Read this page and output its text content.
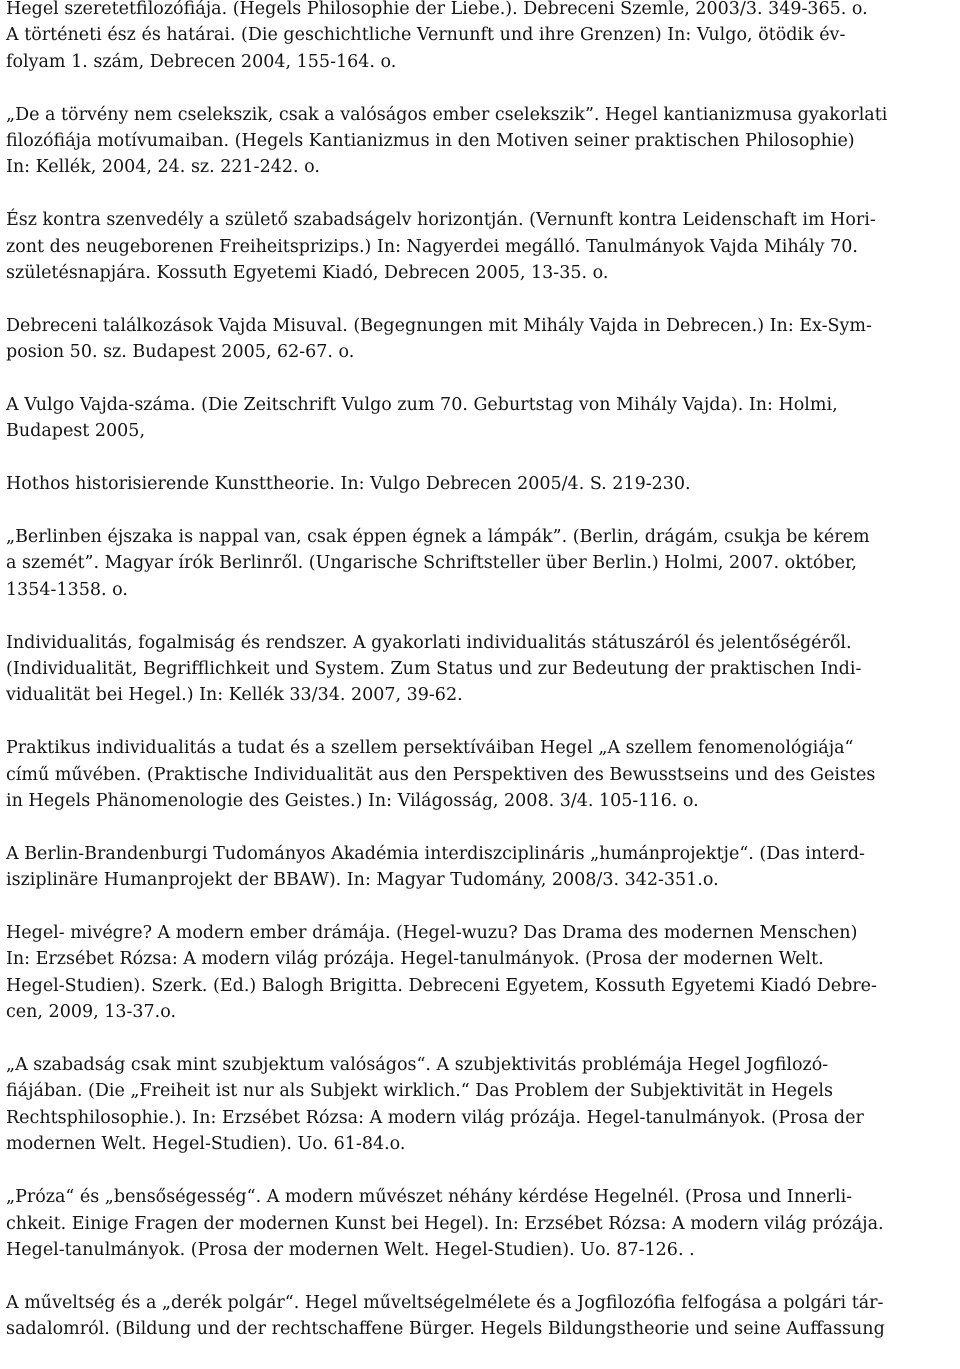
Hegel szeretetfilozófiája. (Hegels Philosophie der Liebe.). Debreceni Szemle, 2003/3. 349-365. o.
A történeti ész és határai. (Die geschichtliche Vernunft und ihre Grenzen) In: Vulgo, ötödik év-
folyam 1. szám, Debrecen 2004, 155-164. o.
„De a törvény nem cselekszik, csak a valóságos ember cselekszik”. Hegel kantianizmusa gyakorlati
filozófiája motívumaiban. (Hegels Kantianizmus in den Motiven seiner praktischen Philosophie)
In: Kellék, 2004, 24. sz. 221-242. o.
Ész kontra szenvedély a születő szabadságelv horizontján. (Vernunft kontra Leidenschaft im Hori-
zont des neugeborenen Freiheitsprizips.) In: Nagyerdei megálló. Tanulmányok Vajda Mihály 70.
születésnapjára. Kossuth Egyetemi Kiadó, Debrecen 2005, 13-35. o.
Debreceni találkozások Vajda Misuval. (Begegnungen mit Mihály Vajda in Debrecen.) In: Ex-Sym-
posion 50. sz. Budapest 2005, 62-67. o.
A Vulgo Vajda-száma. (Die Zeitschrift Vulgo zum 70. Geburtstag von Mihály Vajda). In: Holmi,
Budapest 2005,
Hothos historisierende Kunsttheorie. In: Vulgo Debrecen 2005/4. S. 219-230.
„Berlinben éjszaka is nappal van, csak éppen égnek a lámpák”. (Berlin, drágám, csukja be kérem
a szemét”. Magyar írók Berlinről. (Ungarische Schriftsteller über Berlin.) Holmi, 2007. október,
1354-1358. o.
Individualitás, fogalmiság és rendszer. A gyakorlati individualitás státuszáról és jelentőségéről.
(Individualität, Begrifflichkeit und System. Zum Status und zur Bedeutung der praktischen Indi-
vidualität bei Hegel.) In: Kellék 33/34. 2007, 39-62.
Praktikus individualitás a tudat és a szellem persektíváiban Hegel „A szellem fenomenológiája“
című művében. (Praktische Individualität aus den Perspektiven des Bewusstseins und des Geistes
in Hegels Phänomenologie des Geistes.) In: Világosság, 2008. 3/4. 105-116. o.
A Berlin-Brandenburgi Tudományos Akadémia interdiszciplináris „humánprojektje“. (Das interd-
isziplinäre Humanprojekt der BBAW). In: Magyar Tudomány, 2008/3. 342-351.o.
Hegel- mivégre? A modern ember drámája. (Hegel-wuzu? Das Drama des modernen Menschen)
In: Erzsébet Rózsa: A modern világ prózája. Hegel-tanulmányok. (Prosa der modernen Welt.
Hegel-Studien). Szerk. (Ed.) Balogh Brigitta. Debreceni Egyetem, Kossuth Egyetemi Kiadó Debre-
cen, 2009, 13-37.o.
„A szabadság csak mint szubjektum valóságos“. A szubjektivitás problémája Hegel Jogfilozó-
fiájában. (Die „Freiheit ist nur als Subjekt wirklich.“ Das Problem der Subjektivität in Hegels
Rechtsphilosophie.). In: Erzsébet Rózsa: A modern világ prózája. Hegel-tanulmányok. (Prosa der
modernen Welt. Hegel-Studien). Uo. 61-84.o.
„Próza“ és „bensőségesség“. A modern művészet néhány kérdése Hegelnél. (Prosa und Innerli-
chkeit. Einige Fragen der modernen Kunst bei Hegel). In: Erzsébet Rózsa: A modern világ prózája.
Hegel-tanulmányok. (Prosa der modernen Welt. Hegel-Studien). Uo. 87-126. .
A műveltség és a „derék polgár“. Hegel műveltségelmélete és a Jogfilozófia felfogása a polgári tár-
sadalomról. (Bildung und der rechtschaffene Bürger. Hegels Bildungstheorie und seine Auffassung
